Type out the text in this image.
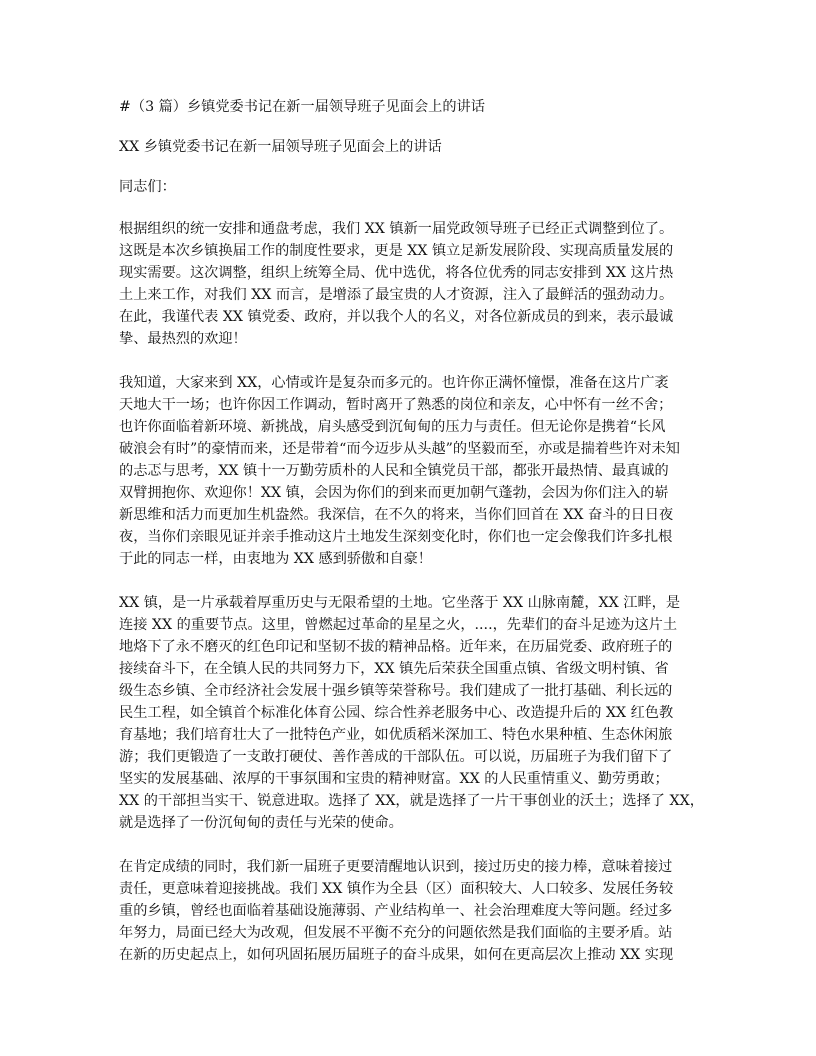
#（3 篇）乡镇党委书记在新一届领导班子见面会上的讲话

XX 乡镇党委书记在新一届领导班子见面会上的讲话

同志们：

根据组织的统一安排和通盘考虑，我们 XX 镇新一届党政领导班子已经正式调整到位了。

这既是本次乡镇换届工作的制度性要求，更是 XX 镇立足新发展阶段、实现高质量发展的

现实需要。这次调整，组织上统筹全局、优中选优，将各位优秀的同志安排到 XX 这片热

土上来工作，对我们 XX 而言，是增添了最宝贵的人才资源，注入了最鲜活的强劲动力。

在此，我谨代表 XX 镇党委、政府，并以我个人的名义，对各位新成员的到来，表示最诚

挚、最热烈的欢迎！

我知道，大家来到 XX，心情或许是复杂而多元的。也许你正满怀憧憬，准备在这片广袤

天地大干一场；也许你因工作调动，暂时离开了熟悉的岗位和亲友，心中怀有一丝不舍；

也许你面临着新环境、新挑战，肩头感受到沉甸甸的压力与责任。但无论你是携着“长风

破浪会有时”的豪情而来，还是带着“而今迈步从头越”的坚毅而至，亦或是揣着些许对未知

的忐忑与思考，XX 镇十一万勤劳质朴的人民和全镇党员干部，都张开最热情、最真诚的

双臂拥抱你、欢迎你！XX 镇，会因为你们的到来而更加朝气蓬勃，会因为你们注入的崭

新思维和活力而更加生机盎然。我深信，在不久的将来，当你们回首在 XX 奋斗的日日夜

夜，当你们亲眼见证并亲手推动这片土地发生深刻变化时，你们也一定会像我们许多扎根

于此的同志一样，由衷地为 XX 感到骄傲和自豪！

XX 镇，是一片承载着厚重历史与无限希望的土地。它坐落于 XX 山脉南麓，XX 江畔，是

连接 XX 的重要节点。这里，曾燃起过革命的星星之火，....，先辈们的奋斗足迹为这片土

地烙下了永不磨灭的红色印记和坚韧不拔的精神品格。近年来，在历届党委、政府班子的

接续奋斗下，在全镇人民的共同努力下，XX 镇先后荣获全国重点镇、省级文明村镇、省

级生态乡镇、全市经济社会发展十强乡镇等荣誉称号。我们建成了一批打基础、利长远的

民生工程，如全镇首个标准化体育公园、综合性养老服务中心、改造提升后的 XX 红色教

育基地；我们培育壮大了一批特色产业，如优质稻米深加工、特色水果种植、生态休闲旅

游；我们更锻造了一支敢打硬仗、善作善成的干部队伍。可以说，历届班子为我们留下了

坚实的发展基础、浓厚的干事氛围和宝贵的精神财富。XX 的人民重情重义、勤劳勇敢；

XX 的干部担当实干、锐意进取。选择了 XX，就是选择了一片干事创业的沃土；选择了 XX，

就是选择了一份沉甸甸的责任与光荣的使命。

在肯定成绩的同时，我们新一届班子更要清醒地认识到，接过历史的接力棒，意味着接过

责任，更意味着迎接挑战。我们 XX 镇作为全县（区）面积较大、人口较多、发展任务较

重的乡镇，曾经也面临着基础设施薄弱、产业结构单一、社会治理难度大等问题。经过多

年努力，局面已经大为改观，但发展不平衡不充分的问题依然是我们面临的主要矛盾。站

在新的历史起点上，如何巩固拓展历届班子的奋斗成果，如何在更高层次上推动 XX 实现
